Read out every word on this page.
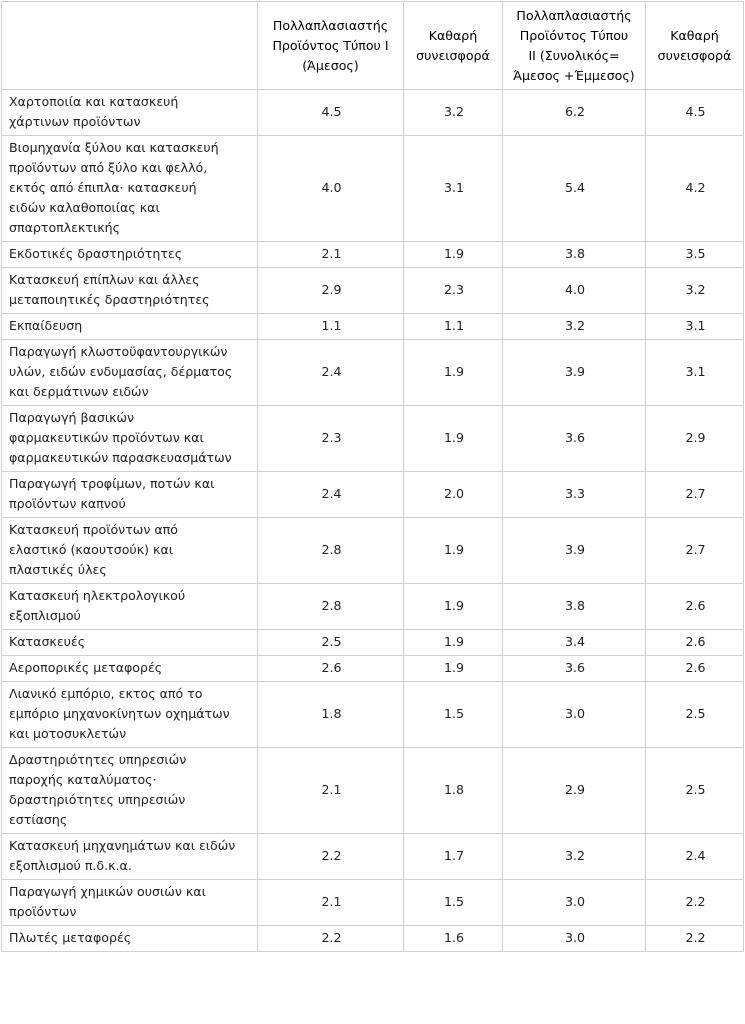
	Πολλαπλασιαστής
Προϊόντος Τύπου Ι
(Άμεσος)	Καθαρή
συνεισφορά	Πολλαπλασιαστής
Προϊόντος Τύπου
ΙΙ (Συνολικός=
Άμεσος +Έμμεσος)	Καθαρή
συνεισφορά

Χαρτοποιία και κατασκευή
χάρτινων προϊόντων	4.5	3.2	6.2	4.5

Βιομηχανία ξύλου και κατασκευή
προϊόντων από ξύλο και φελλό,
εκτός από έπιπλα· κατασκευή
ειδών καλαθοποιίας και
σπαρτοπλεκτικής	4.0	3.1	5.4	4.2

Εκδοτικές δραστηριότητες	2.1	1.9	3.8	3.5

Κατασκευή επίπλων και άλλες
μεταποιητικές δραστηριότητες	2.9	2.3	4.0	3.2

Εκπαίδευση	1.1	1.1	3.2	3.1

Παραγωγή κλωστοϋφαντουργικών
υλών, ειδών ενδυμασίας, δέρματος
και δερμάτινων ειδών	2.4	1.9	3.9	3.1

Παραγωγή βασικών
φαρμακευτικών προϊόντων και
φαρμακευτικών παρασκευασμάτων	2.3	1.9	3.6	2.9

Παραγωγή τροφίμων, ποτών και
προϊόντων καπνού	2.4	2.0	3.3	2.7

Κατασκευή προϊόντων από
ελαστικό (καουτσούκ) και
πλαστικές ύλες	2.8	1.9	3.9	2.7

Κατασκευή ηλεκτρολογικού
εξοπλισμού	2.8	1.9	3.8	2.6

Κατασκευές	2.5	1.9	3.4	2.6

Αεροπορικές μεταφορές	2.6	1.9	3.6	2.6

Λιανικό εμπόριο, εκτος από το
εμπόριο μηχανοκίνητων οχημάτων
και μοτοσυκλετών	1.8	1.5	3.0	2.5

Δραστηριότητες υπηρεσιών
παροχής καταλύματος·
δραστηριότητες υπηρεσιών
εστίασης	2.1	1.8	2.9	2.5

Κατασκευή μηχανημάτων και ειδών
εξοπλισμού π.δ.κ.α.	2.2	1.7	3.2	2.4

Παραγωγή χημικών ουσιών και
προϊόντων	2.1	1.5	3.0	2.2

Πλωτές μεταφορές	2.2	1.6	3.0	2.2
